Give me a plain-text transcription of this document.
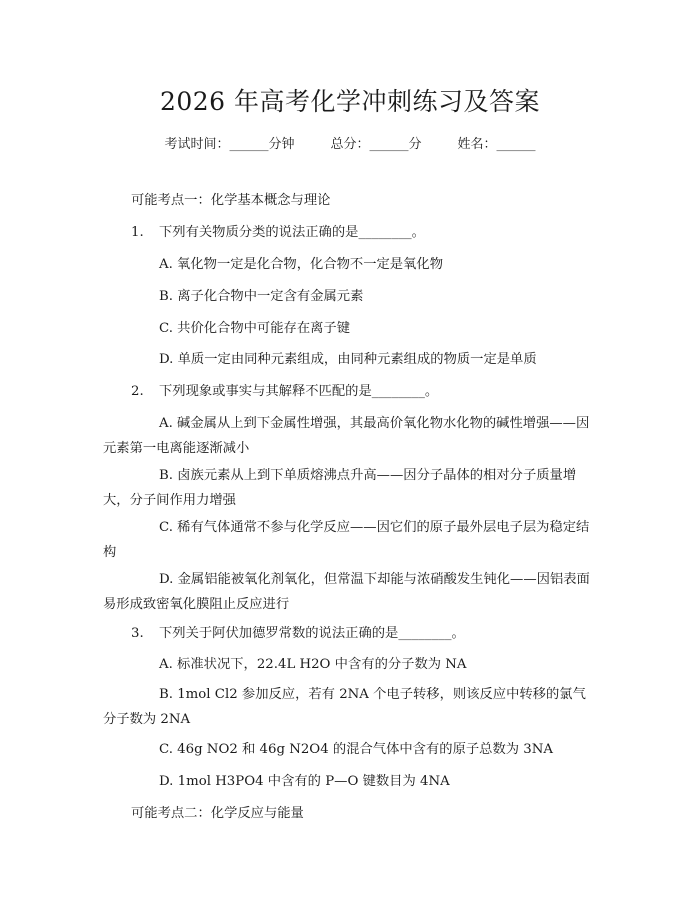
2026 年高考化学冲刺练习及答案
考试时间：______分钟	总分：______分	姓名：______
可能考点一：化学基本概念与理论
1. 下列有关物质分类的说法正确的是________。
A. 氧化物一定是化合物，化合物不一定是氧化物
B. 离子化合物中一定含有金属元素
C. 共价化合物中可能存在离子键
D. 单质一定由同种元素组成，由同种元素组成的物质一定是单质
2. 下列现象或事实与其解释不匹配的是________。
A. 碱金属从上到下金属性增强，其最高价氧化物水化物的碱性增强——因元素第一电离能逐渐减小
B. 卤族元素从上到下单质熔沸点升高——因分子晶体的相对分子质量增大，分子间作用力增强
C. 稀有气体通常不参与化学反应——因它们的原子最外层电子层为稳定结构
D. 金属铝能被氧化剂氧化，但常温下却能与浓硝酸发生钝化——因铝表面易形成致密氧化膜阻止反应进行
3. 下列关于阿伏加德罗常数的说法正确的是________。
A. 标准状况下，22.4L H2O 中含有的分子数为 NA
B. 1mol Cl2 参加反应，若有 2NA 个电子转移，则该反应中转移的氯气分子数为 2NA
C. 46g NO2 和 46g N2O4 的混合气体中含有的原子总数为 3NA
D. 1mol H3PO4 中含有的 P—O 键数目为 4NA
可能考点二：化学反应与能量
